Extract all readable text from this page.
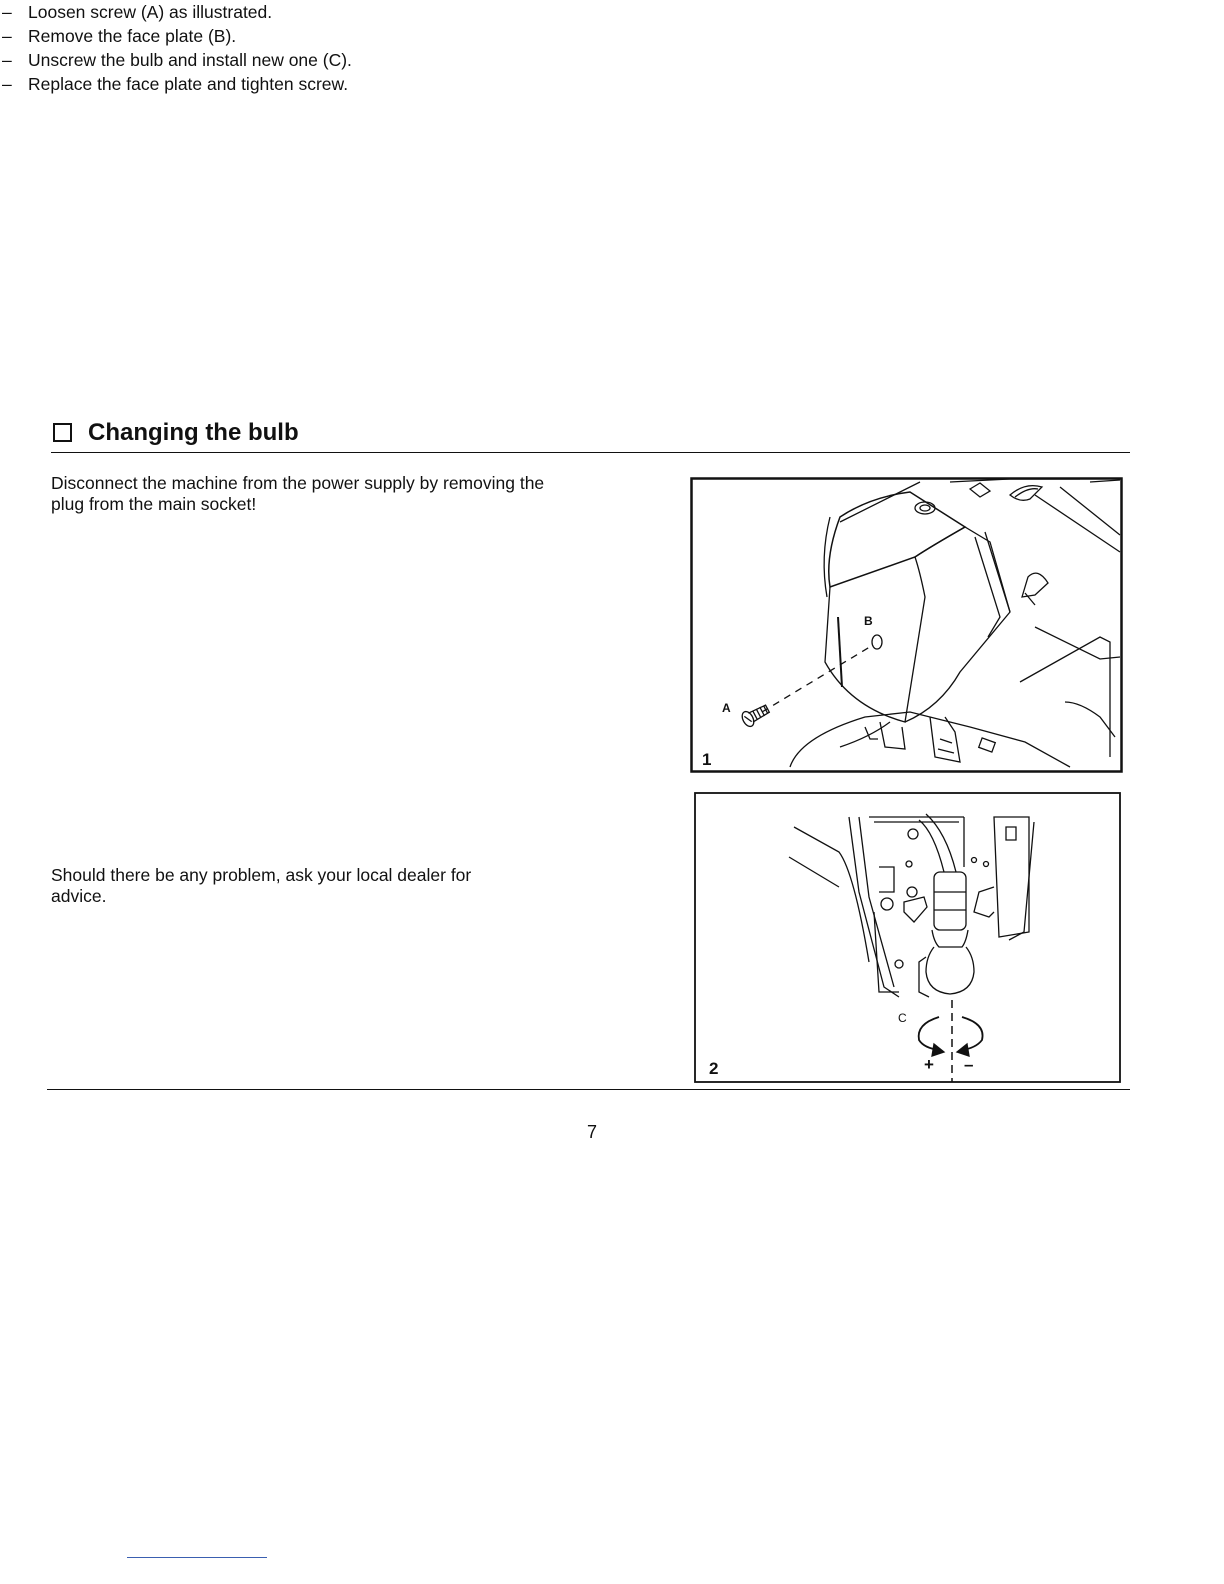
Changing the bulb
Disconnect the machine from the power supply by removing the plug from the main socket!
– Loosen screw (A) as illustrated.
– Remove the face plate (B).
– Unscrew the bulb and install new one (C).
– Replace the face plate and tighten screw.
Should there be any problem, ask your local dealer for advice.
B
A
1
C
+ –
2
7
